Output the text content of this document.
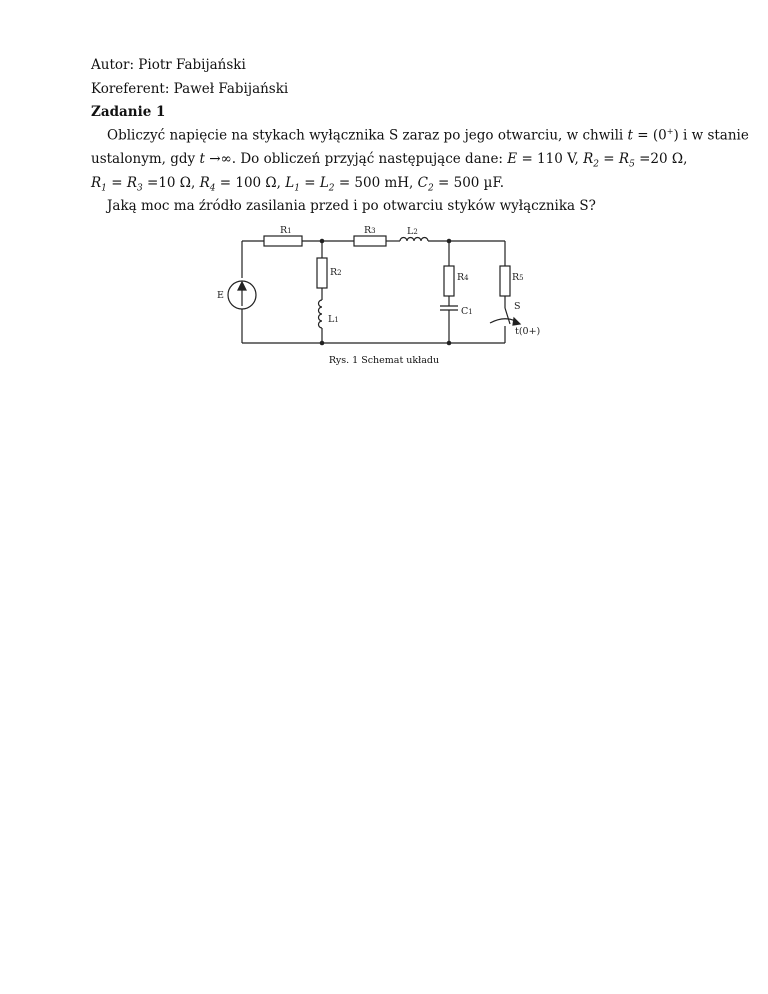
Autor: Piotr Fabijański
Koreferent: Paweł Fabijański
Zadanie 1
Obliczyć napięcie na stykach wyłącznika S zaraz po jego otwarciu, w chwili t = (0+) i w stanie
ustalonym, gdy t →∞. Do obliczeń przyjąć następujące dane: E = 110 V, $R_2 = R_5 =20$ Ω,
$R_1 = R_3 =10$ Ω, $R_4 = 100$ Ω, $L_1 = L_2 = 500$ mH, $C_2 = 500$ µF.
Jaką moc ma źródło zasilania przed i po otwarciu styków wyłącznika S?
R1	R3	L2
R2	R4	R5
E
L1
C1	S
t(0+)
Rys. 1 Schemat układu
